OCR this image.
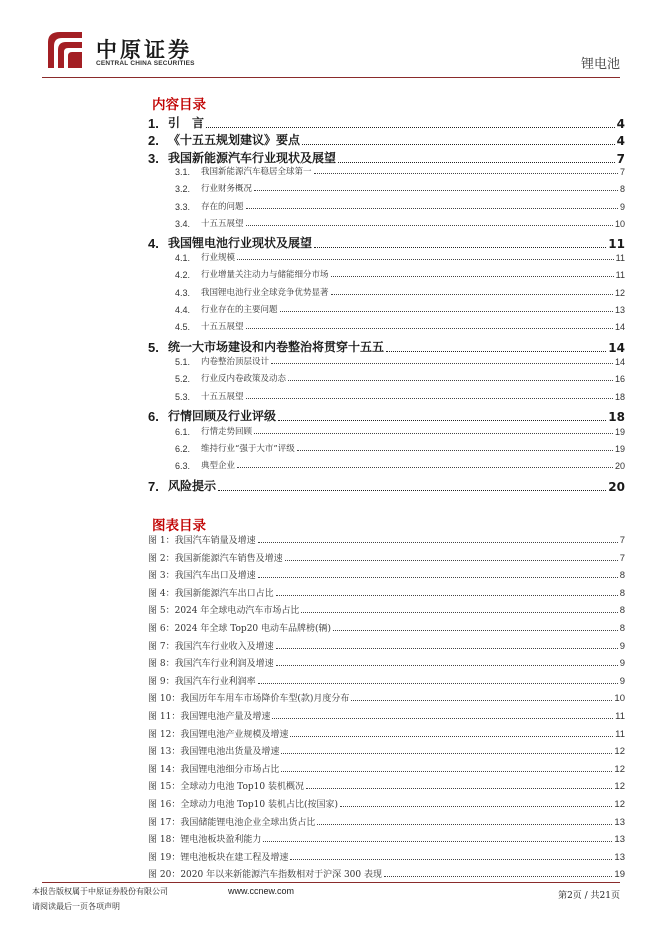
中原证券
CENTRAL CHINA SECURITIES	锂电池
内容目录
1. 引　言	4
2. 《十五五规划建议》要点	4
3. 我国新能源汽车行业现状及展望	7
3.1.	我国新能源汽车稳居全球第一	7
3.2.	行业财务概况	8
3.3.	存在的问题	9
3.4.	十五五展望	10
4. 我国锂电池行业现状及展望	11
4.1.	行业规模	11
4.2.	行业增量关注动力与储能细分市场	11
4.3.	我国锂电池行业全球竞争优势显著	12
4.4.	行业存在的主要问题	13
4.5.	十五五展望	14
5. 统一大市场建设和内卷整治将贯穿十五五	14
5.1.	内卷整治顶层设计	14
5.2.	行业反内卷政策及动态	16
5.3.	十五五展望	18
6. 行情回顾及行业评级	18
6.1.	行情走势回顾	19
6.2.	维持行业“强于大市”评级	19
6.3.	典型企业	20
7. 风险提示	20
图表目录
图 1：我国汽车销量及增速	7
图 2：我国新能源汽车销售及增速	7
图 3：我国汽车出口及增速	8
图 4：我国新能源汽车出口占比	8
图 5：2024 年全球电动汽车市场占比	8
图 6：2024 年全球 Top20 电动车品牌榜(辆)	8
图 7：我国汽车行业收入及增速	9
图 8：我国汽车行业利润及增速	9
图 9：我国汽车行业利润率	9
图 10：我国历年车用车市场降价车型(款)月度分布	10
图 11：我国锂电池产量及增速	11
图 12：我国锂电池产业规模及增速	11
图 13：我国锂电池出货量及增速	12
图 14：我国锂电池细分市场占比	12
图 15：全球动力电池 Top10 装机概况	12
图 16：全球动力电池 Top10 装机占比(按国家)	12
图 17：我国储能锂电池企业全球出货占比	13
图 18：锂电池板块盈利能力	13
图 19：锂电池板块在建工程及增速	13
图 20：2020 年以来新能源汽车指数相对于沪深 300 表现	19
本报告版权属于中原证券股份有限公司	www.ccnew.com
请阅读最后一页各项声明
第2页 / 共21页
